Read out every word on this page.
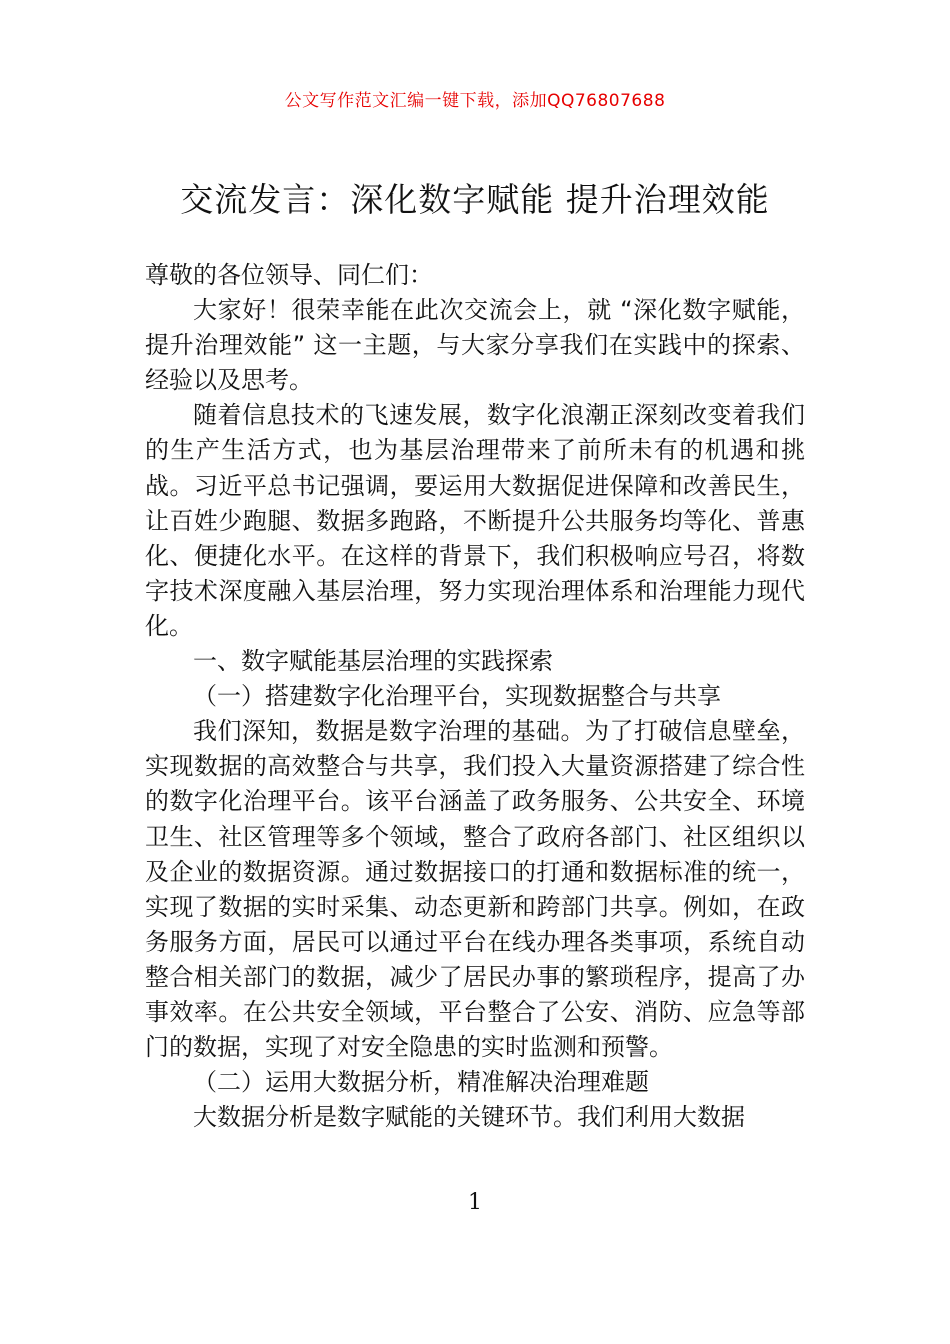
公文写作范文汇编一键下载，添加QQ76807688
交流发言：深化数字赋能 提升治理效能

尊敬的各位领导、同仁们：

大家好！很荣幸能在此次交流会上，就 “深化数字赋能，提升治理效能” 这一主题，与大家分享我们在实践中的探索、经验以及思考。

随着信息技术的飞速发展，数字化浪潮正深刻改变着我们的生产生活方式，也为基层治理带来了前所未有的机遇和挑战。习近平总书记强调，要运用大数据促进保障和改善民生，让百姓少跑腿、数据多跑路，不断提升公共服务均等化、普惠化、便捷化水平。在这样的背景下，我们积极响应号召，将数字技术深度融入基层治理，努力实现治理体系和治理能力现代化。

一、数字赋能基层治理的实践探索

（一）搭建数字化治理平台，实现数据整合与共享

我们深知，数据是数字治理的基础。为了打破信息壁垒，实现数据的高效整合与共享，我们投入大量资源搭建了综合性的数字化治理平台。该平台涵盖了政务服务、公共安全、环境卫生、社区管理等多个领域，整合了政府各部门、社区组织以及企业的数据资源。通过数据接口的打通和数据标准的统一，实现了数据的实时采集、动态更新和跨部门共享。例如，在政务服务方面，居民可以通过平台在线办理各类事项，系统自动整合相关部门的数据，减少了居民办事的繁琐程序，提高了办事效率。在公共安全领域，平台整合了公安、消防、应急等部门的数据，实现了对安全隐患的实时监测和预警。

（二）运用大数据分析，精准解决治理难题

大数据分析是数字赋能的关键环节。我们利用大数据

1
